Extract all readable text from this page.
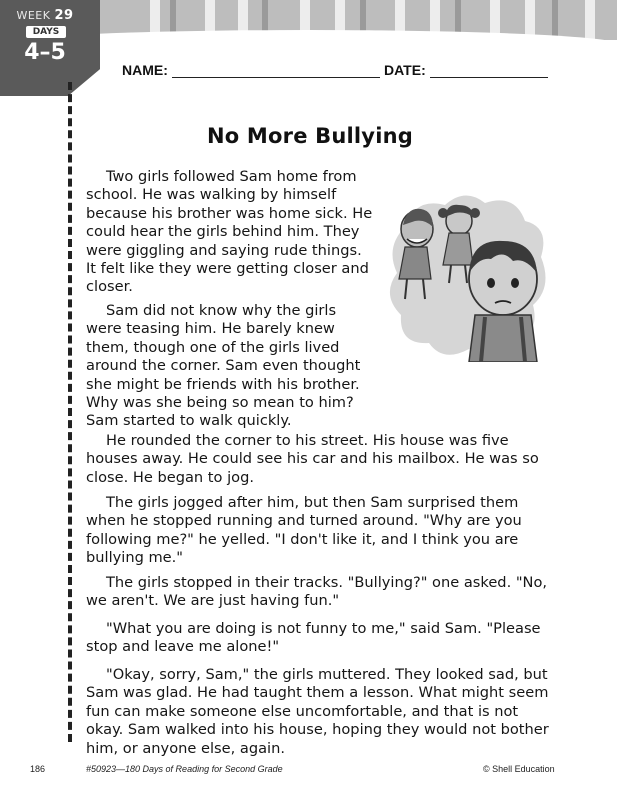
WEEK 29
DAYS
4–5
NAME:	DATE:
No More Bullying

Two girls followed Sam home from school. He was walking by himself because his brother was home sick. He could hear the girls behind him. They were giggling and saying rude things. It felt like they were getting closer and closer.

Sam did not know why the girls were teasing him. He barely knew them, though one of the girls lived around the corner. Sam even thought she might be friends with his brother. Why was she being so mean to him? Sam started to walk quickly.

He rounded the corner to his street. His house was five houses away. He could see his car and his mailbox. He was so close. He began to jog.

The girls jogged after him, but then Sam surprised them when he stopped running and turned around. "Why are you following me?" he yelled. "I don't like it, and I think you are bullying me."

The girls stopped in their tracks. "Bullying?" one asked. "No, we aren't. We are just having fun."

"What you are doing is not funny to me," said Sam. "Please stop and leave me alone!"

"Okay, sorry, Sam," the girls muttered. They looked sad, but Sam was glad. He had taught them a lesson. What might seem fun can make someone else uncomfortable, and that is not okay. Sam walked into his house, hoping they would not bother him, or anyone else, again.

186	#50923—180 Days of Reading for Second Grade	© Shell Education
